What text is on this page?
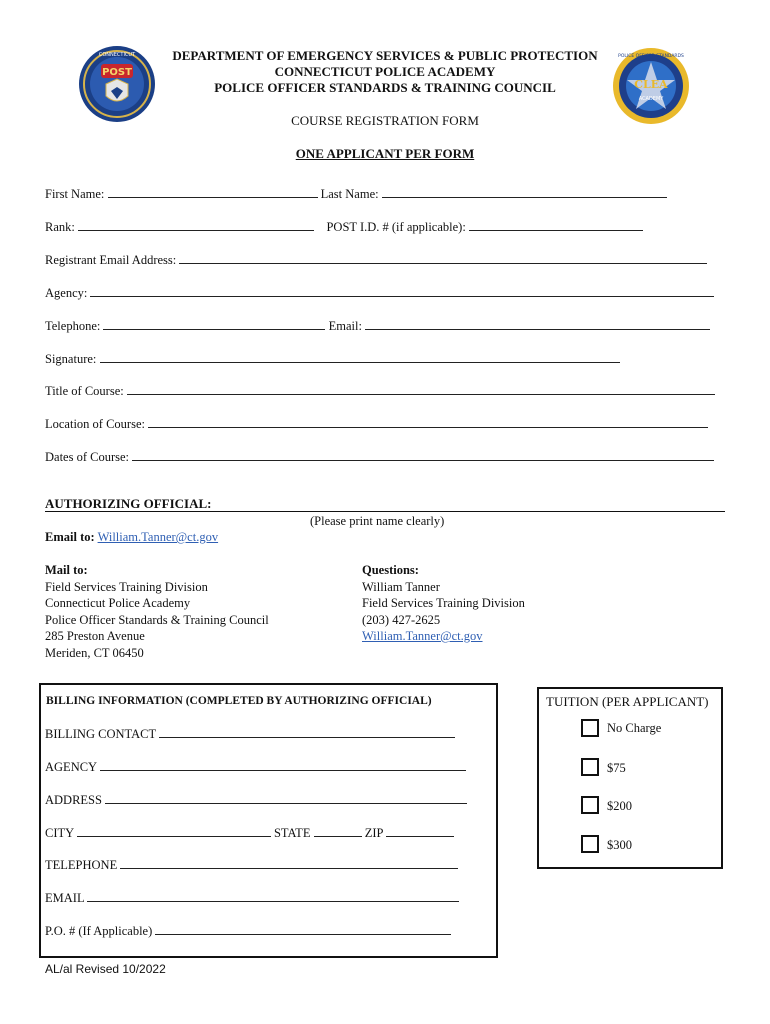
POST
CONNECTICUT
CLEA
ACADEMY
POLICE OFFICER STANDARDS
DEPARTMENT OF EMERGENCY SERVICES & PUBLIC PROTECTION
CONNECTICUT POLICE ACADEMY
POLICE OFFICER STANDARDS & TRAINING COUNCIL
COURSE REGISTRATION FORM
ONE APPLICANT PER FORM
First Name:	Last Name:
Rank:	POST I.D. # (if applicable):
Registrant Email Address:
Agency:
Telephone:	Email:
Signature:
Title of Course:
Location of Course:
Dates of Course:
AUTHORIZING OFFICIAL:
(Please print name clearly)
Email to: William.Tanner@ct.gov
Mail to:
Field Services Training Division
Connecticut Police Academy
Police Officer Standards & Training Council
285 Preston Avenue
Meriden, CT 06450
Questions:
William Tanner
Field Services Training Division
(203) 427-2625
William.Tanner@ct.gov
BILLING INFORMATION (COMPLETED BY AUTHORIZING OFFICIAL)
BILLING CONTACT
AGENCY
ADDRESS
CITY	STATE	ZIP
TELEPHONE
EMAIL
P.O. # (If Applicable)
TUITION (PER APPLICANT)
No Charge
$75
$200
$300
AL/al Revised 10/2022
